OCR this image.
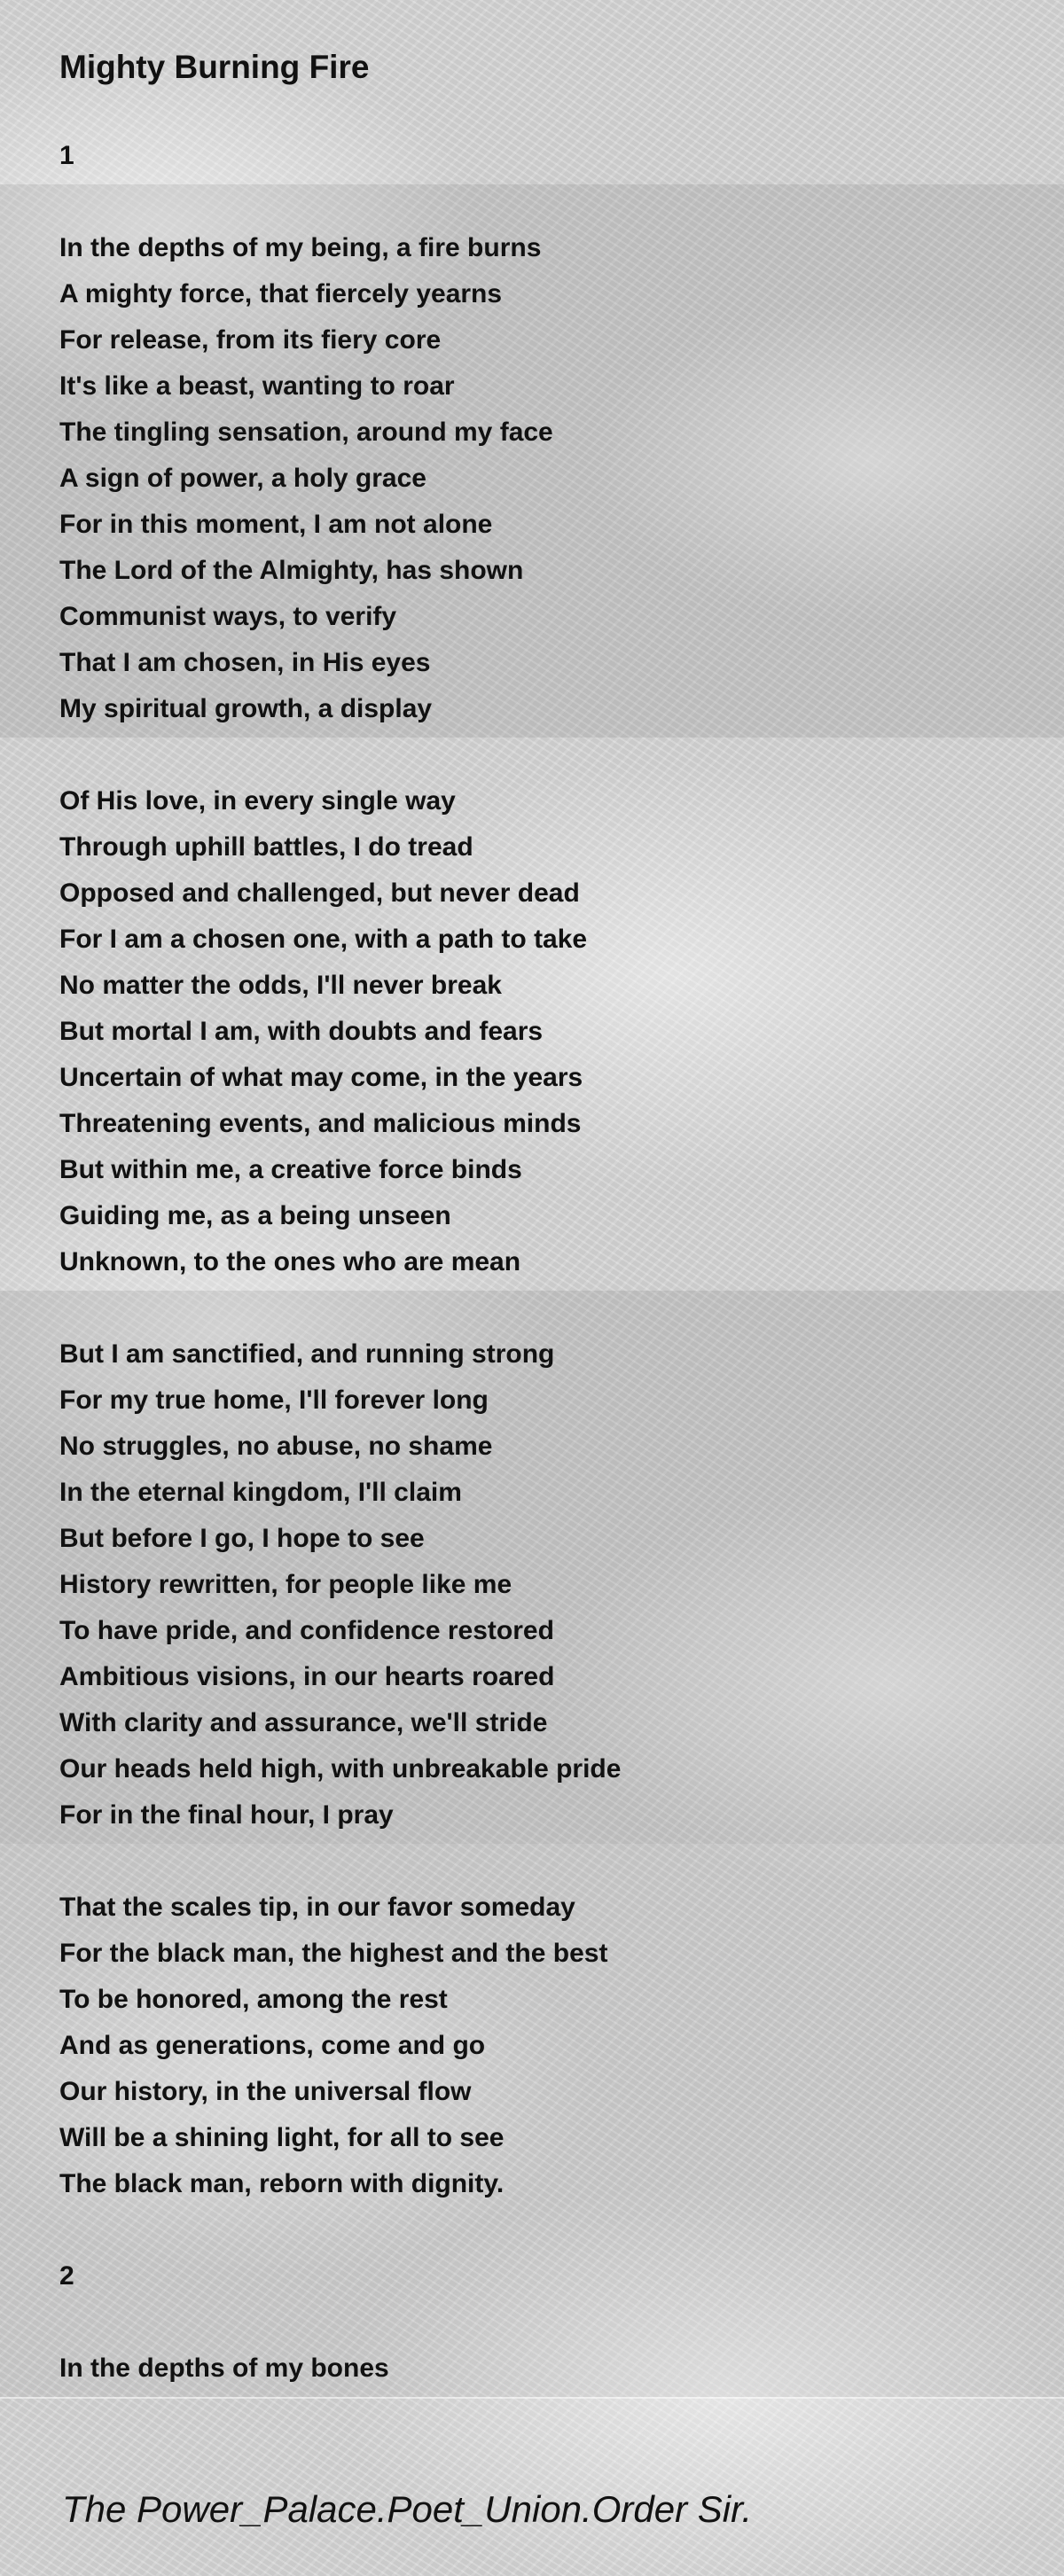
Mighty Burning Fire
1
In the depths of my being, a fire burns
A mighty force, that fiercely yearns
For release, from its fiery core
It's like a beast, wanting to roar
The tingling sensation, around my face
A sign of power, a holy grace
For in this moment, I am not alone
The Lord of the Almighty, has shown
Communist ways, to verify
That I am chosen, in His eyes
My spiritual growth, a display
Of His love, in every single way
Through uphill battles, I do tread
Opposed and challenged, but never dead
For I am a chosen one, with a path to take
No matter the odds, I'll never break
But mortal I am, with doubts and fears
Uncertain of what may come, in the years
Threatening events, and malicious minds
But within me, a creative force binds
Guiding me, as a being unseen
Unknown, to the ones who are mean
But I am sanctified, and running strong
For my true home, I'll forever long
No struggles, no abuse, no shame
In the eternal kingdom, I'll claim
But before I go, I hope to see
History rewritten, for people like me
To have pride, and confidence restored
Ambitious visions, in our hearts roared
With clarity and assurance, we'll stride
Our heads held high, with unbreakable pride
For in the final hour, I pray
That the scales tip, in our favor someday
For the black man, the highest and the best
To be honored, among the rest
And as generations, come and go
Our history, in the universal flow
Will be a shining light, for all to see
The black man, reborn with dignity.
2
In the depths of my bones
The Power_Palace.Poet_Union.Order Sir.
